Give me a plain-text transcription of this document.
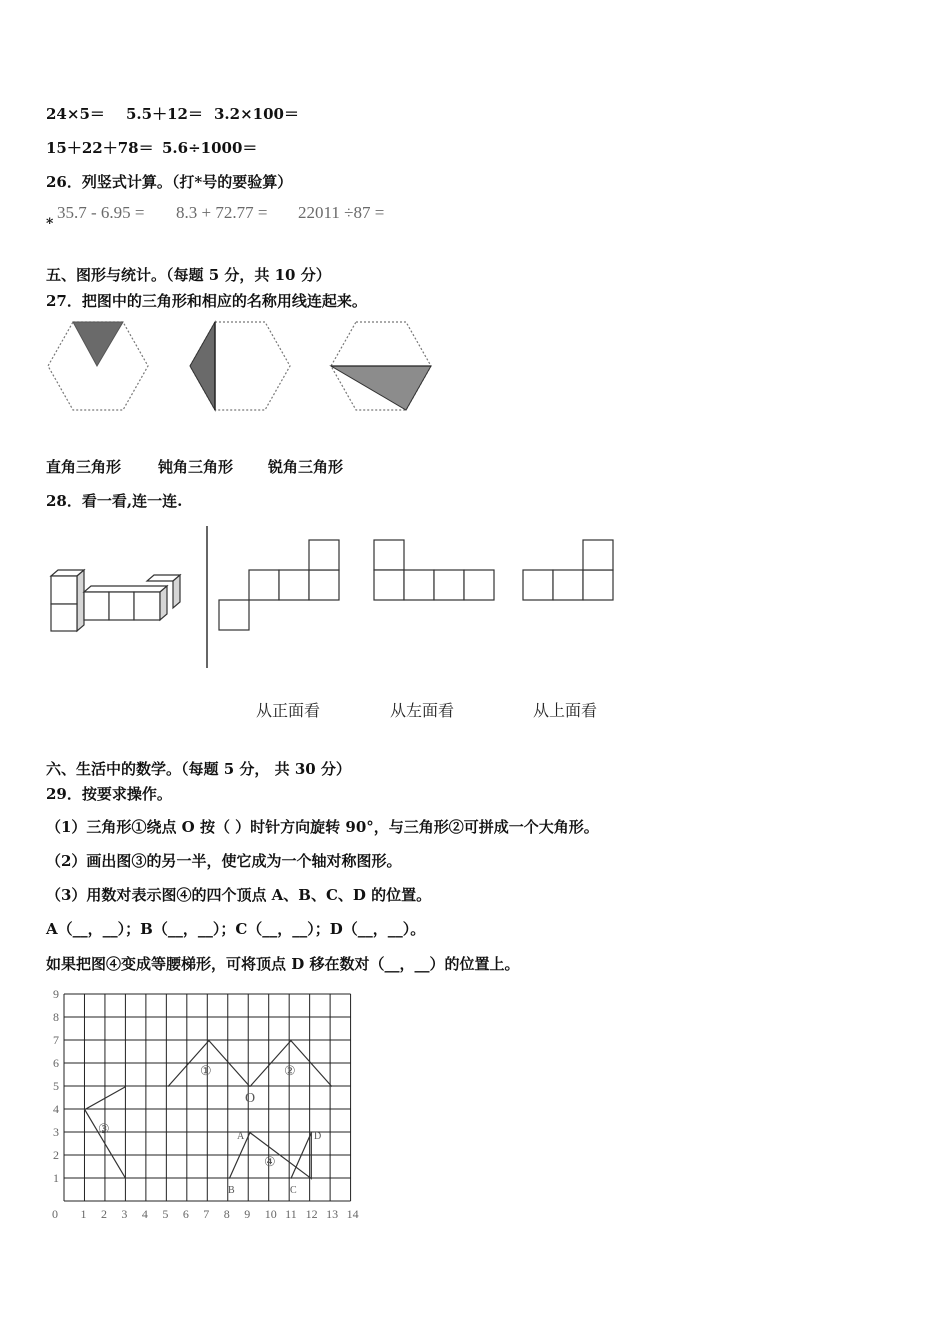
24×5＝ 5.5＋12＝ 3.2×100＝
15＋22＋78＝ 5.6÷1000＝
26．列竖式计算。（打*号的要验算）
*
35.7 - 6.95 = 8.3 + 72.77 = 22011 ÷87 =
五、图形与统计。（每题 5 分，共 10 分）
27．把图中的三角形和相应的名称用线连起来。
直角三角形 钝角三角形 锐角三角形
28．看一看,连一连.
从正面看	从左面看	从上面看
六、生活中的数学。（每题 5 分， 共 30 分）
29．按要求操作。
（1）三角形①绕点 O 按（ ）时针方向旋转 90°，与三角形②可拼成一个大角形。
（2）画出图③的另一半，使它成为一个轴对称图形。
（3）用数对表示图④的四个顶点 A、B、C、D 的位置。
A（__，__）；B（__，__）；C（__，__）；D（__，__）。
如果把图④变成等腰梯形，可将顶点 D 移在数对（__，__）的位置上。
0 1 2 3 4 5 6 7 8 9 10 11 12 13 14
1
2
3
4
5
6
7
8
9
①	②
③
④
O
A
B	C
D
